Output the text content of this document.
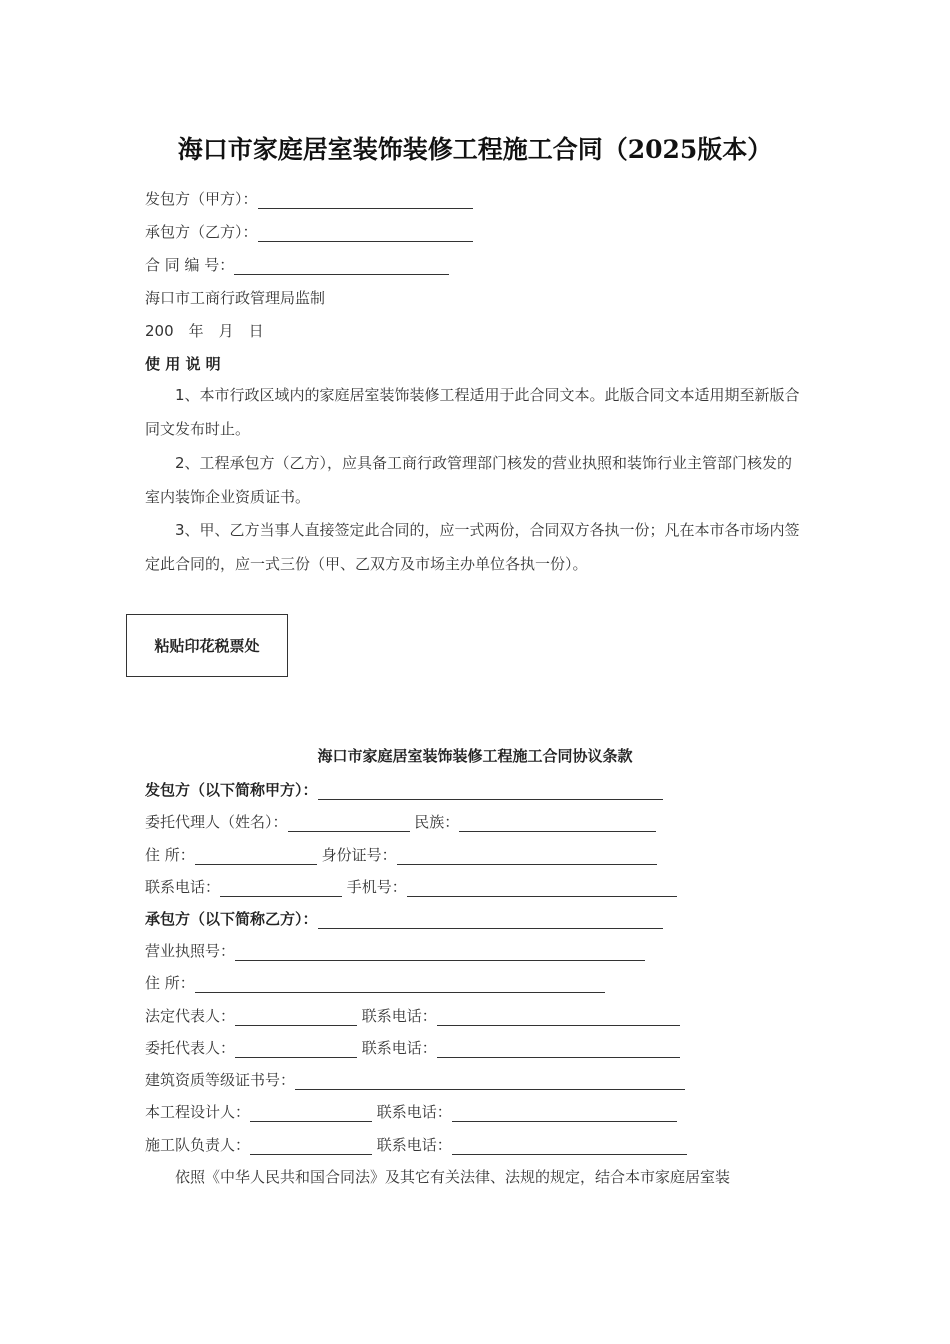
海口市家庭居室装饰装修工程施工合同（2025版本）
发包方（甲方）：
承包方（乙方）：
合 同 编 号：
海口市工商行政管理局监制
200　年　月　日
使 用 说 明
1、本市行政区域内的家庭居室装饰装修工程适用于此合同文本。此版合同文本适用期至新版合同文发布时止。
2、工程承包方（乙方），应具备工商行政管理部门核发的营业执照和装饰行业主管部门核发的室内装饰企业资质证书。
3、甲、乙方当事人直接签定此合同的，应一式两份，合同双方各执一份；凡在本市各市场内签定此合同的，应一式三份（甲、乙双方及市场主办单位各执一份）。
粘贴印花税票处
海口市家庭居室装饰装修工程施工合同协议条款
发包方（以下简称甲方）：
委托代理人（姓名）：	民族：
住 所：	身份证号：
联系电话：	手机号：
承包方（以下简称乙方）：
营业执照号：
住 所：
法定代表人：	联系电话：
委托代表人：	联系电话：
建筑资质等级证书号：
本工程设计人：	联系电话：
施工队负责人：	联系电话：
依照《中华人民共和国合同法》及其它有关法律、法规的规定，结合本市家庭居室装
